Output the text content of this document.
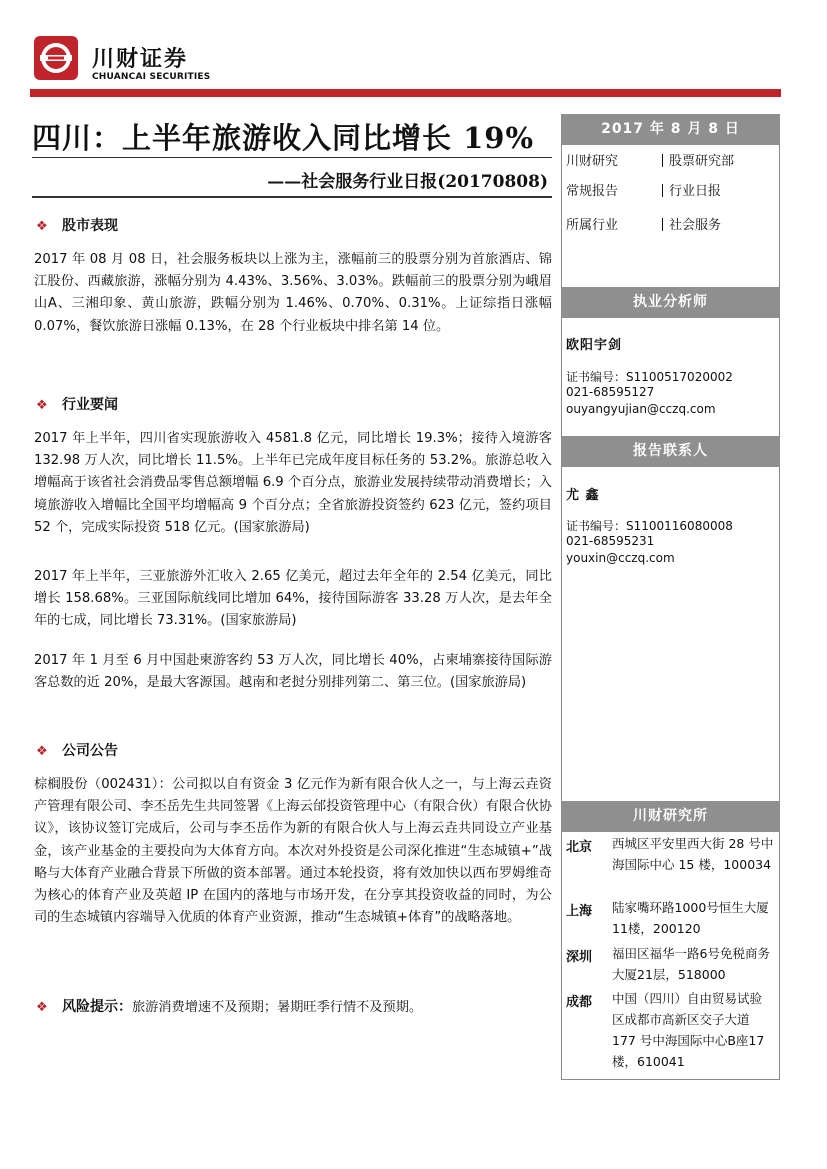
川财证券
CHUANCAI SECURITIES
四川：上半年旅游收入同比增长 19%
——社会服务行业日报(20170808)
2017 年 8 月 8 日
川财研究	股票研究部
常规报告	行业日报
所属行业	社会服务
执业分析师
欧阳宇剑
证书编号：S1100517020002
021-68595127
ouyangyujian@cczq.com
报告联系人
尤 鑫
证书编号：S1100116080008
021-68595231
youxin@cczq.com
川财研究所
北京 西城区平安里西大街 28 号中海国际中心 15 楼，100034
上海 陆家嘴环路1000号恒生大厦11楼，200120
深圳 福田区福华一路6号免税商务大厦21层，518000
成都 中国（四川）自由贸易试验区成都市高新区交子大道 177 号中海国际中心B座17楼，610041
❖ 股市表现
2017 年 08 月 08 日，社会服务板块以上涨为主，涨幅前三的股票分别为首旅酒店、锦江股份、西藏旅游，涨幅分别为 4.43%、3.56%、3.03%。跌幅前三的股票分别为峨眉山A、三湘印象、黄山旅游，跌幅分别为 1.46%、0.70%、0.31%。上证综指日涨幅 0.07%，餐饮旅游日涨幅 0.13%，在 28 个行业板块中排名第 14 位。
❖ 行业要闻
2017 年上半年，四川省实现旅游收入 4581.8 亿元，同比增长 19.3%；接待入境游客 132.98 万人次，同比增长 11.5%。上半年已完成年度目标任务的 53.2%。旅游总收入增幅高于该省社会消费品零售总额增幅 6.9 个百分点，旅游业发展持续带动消费增长；入境旅游收入增幅比全国平均增幅高 9 个百分点；全省旅游投资签约 623 亿元，签约项目 52 个，完成实际投资 518 亿元。(国家旅游局)
2017 年上半年，三亚旅游外汇收入 2.65 亿美元，超过去年全年的 2.54 亿美元，同比增长 158.68%。三亚国际航线同比增加 64%，接待国际游客 33.28 万人次，是去年全年的七成，同比增长 73.31%。(国家旅游局)
2017 年 1 月至 6 月中国赴柬游客约 53 万人次，同比增长 40%，占柬埔寨接待国际游客总数的近 20%，是最大客源国。越南和老挝分别排列第二、第三位。(国家旅游局)
❖ 公司公告
棕榈股份（002431）：公司拟以自有资金 3 亿元作为新有限合伙人之一，与上海云垚资产管理有限公司、李丕岳先生共同签署《上海云邰投资管理中心（有限合伙）有限合伙协议》，该协议签订完成后，公司与李丕岳作为新的有限合伙人与上海云垚共同设立产业基金，该产业基金的主要投向为大体育方向。本次对外投资是公司深化推进“生态城镇+”战略与大体育产业融合背景下所做的资本部署。通过本轮投资，将有效加快以西布罗姆维奇为核心的体育产业及英超 IP 在国内的落地与市场开发，在分享其投资收益的同时，为公司的生态城镇内容端导入优质的体育产业资源，推动“生态城镇+体育”的战略落地。
❖ 风险提示：旅游消费增速不及预期；暑期旺季行情不及预期。
